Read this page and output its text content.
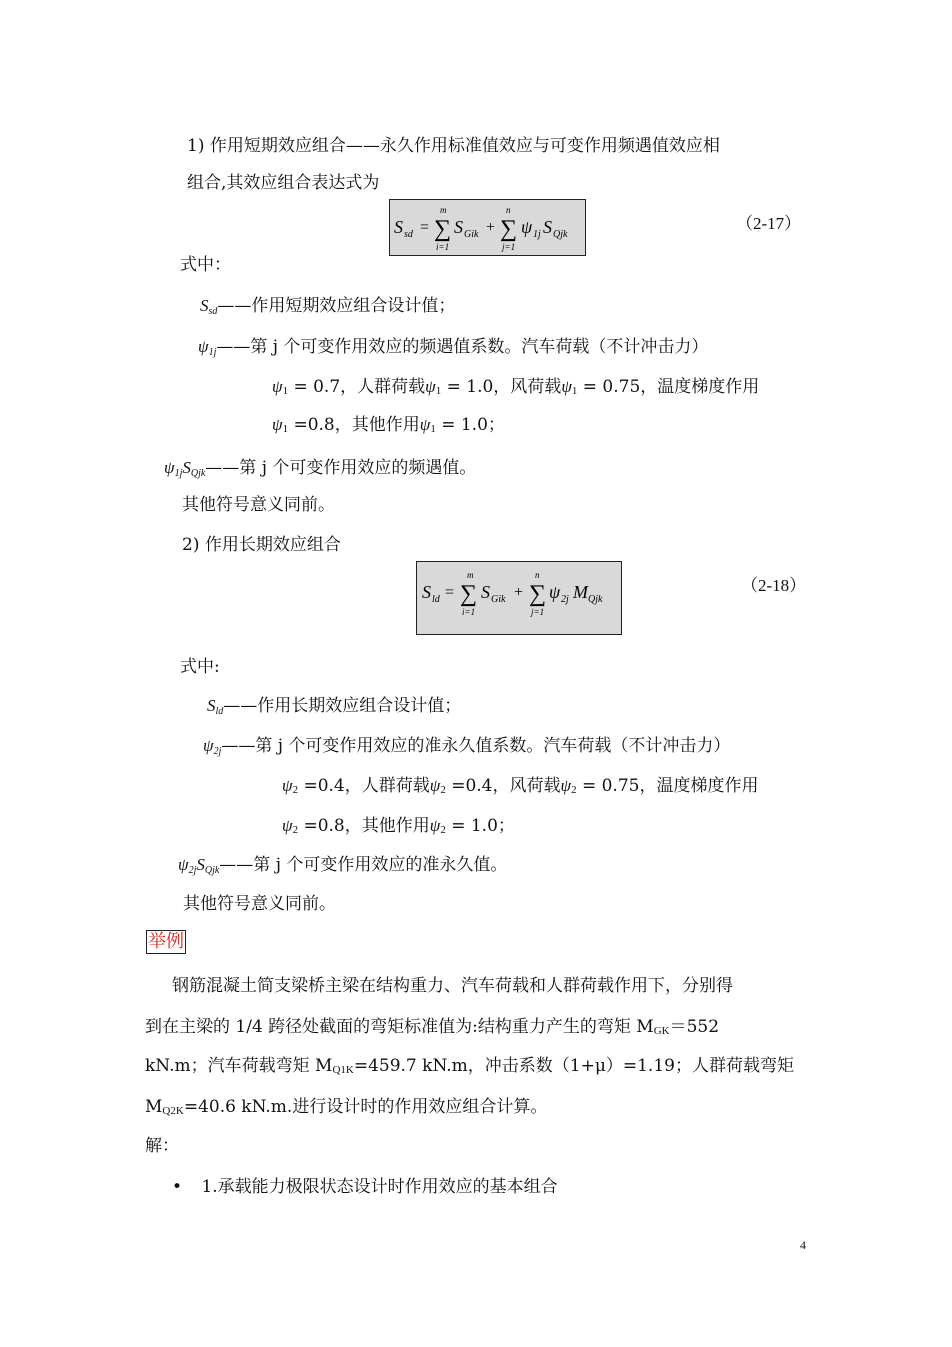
1) 作用短期效应组合——永久作用标准值效应与可变作用频遇值效应相
组合,其效应组合表达式为
S sd = ∑
m
i=1
S Gik + ∑
n
j=1
ψ 1j S Qjk
（2-17）
式中：
$S_{sd}——$作用短期效应组合设计值；
$\psi_{1j}——$第 j 个可变作用效应的频遇值系数。汽车荷载（不计冲击力）
ψ1 = 0.7，人群荷载ψ1 = 1.0，风荷载ψ1 = 0.75，温度梯度作用
ψ1 =0.8，其他作用ψ1 = 1.0；
$\psi_{1j}S_{Qjk}——$第 j 个可变作用效应的频遇值。
其他符号意义同前。
2) 作用长期效应组合
S ld = ∑
m
i=1
S Gik + ∑
n
j=1
ψ 2j M Qjk
（2-18）
式中:
$S_{ld}——$作用长期效应组合设计值；
$\psi_{2j}——$第 j 个可变作用效应的准永久值系数。汽车荷载（不计冲击力）
ψ2 =0.4，人群荷载ψ2 =0.4，风荷载ψ2 = 0.75，温度梯度作用
ψ2 =0.8，其他作用ψ2 = 1.0；
$\psi_{2j}S_{Qjk}——$第 j 个可变作用效应的准永久值。
其他符号意义同前。
举例
钢筋混凝土简支梁桥主梁在结构重力、汽车荷载和人群荷载作用下，分别得
到在主梁的 1/4 跨径处截面的弯矩标准值为:结构重力产生的弯矩 MGK＝552
kN.m；汽车荷载弯矩 MQ1K=459.7 kN.m，冲击系数（1+μ）=1.19；人群荷载弯矩
MQ2K=40.6 kN.m.进行设计时的作用效应组合计算。
解：
• 1.承载能力极限状态设计时作用效应的基本组合
4
